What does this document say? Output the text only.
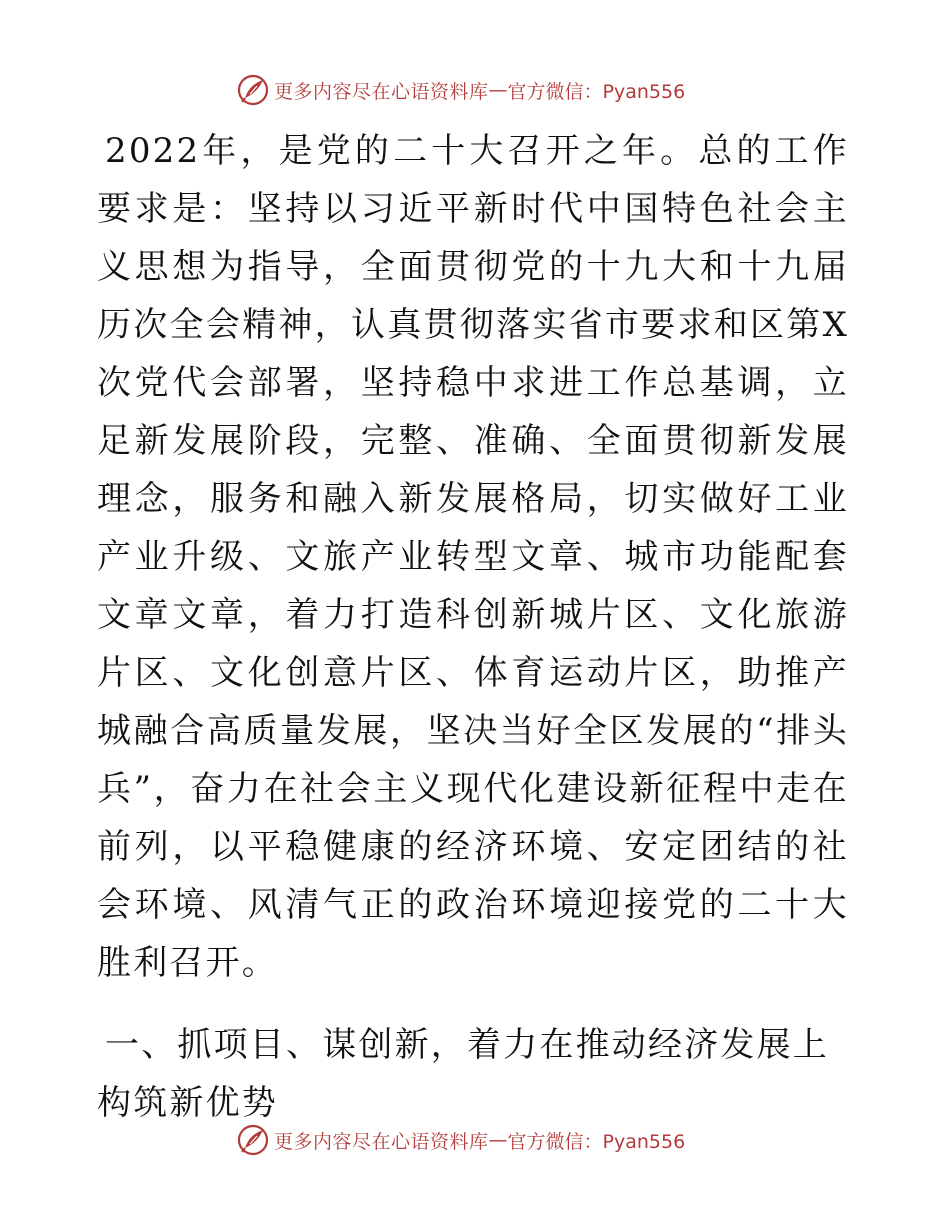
更多内容尽在心语资料库 — 官方微信：Pyan556

2022年，是党的二十大召开之年。总的工作要求是：坚持以习近平新时代中国特色社会主义思想为指导，全面贯彻党的十九大和十九届历次全会精神，认真贯彻落实省市要求和区第X次党代会部署，坚持稳中求进工作总基调，立足新发展阶段，完整、准确、全面贯彻新发展理念，服务和融入新发展格局，切实做好工业产业升级、文旅产业转型文章、城市功能配套文章文章，着力打造科创新城片区、文化旅游片区、文化创意片区、体育运动片区，助推产城融合高质量发展，坚决当好全区发展的“排头兵”，奋力在社会主义现代化建设新征程中走在前列，以平稳健康的经济环境、安定团结的社会环境、风清气正的政治环境迎接党的二十大胜利召开。

一、抓项目、谋创新，着力在推动经济发展上构筑新优势

更多内容尽在心语资料库 — 官方微信：Pyan556
